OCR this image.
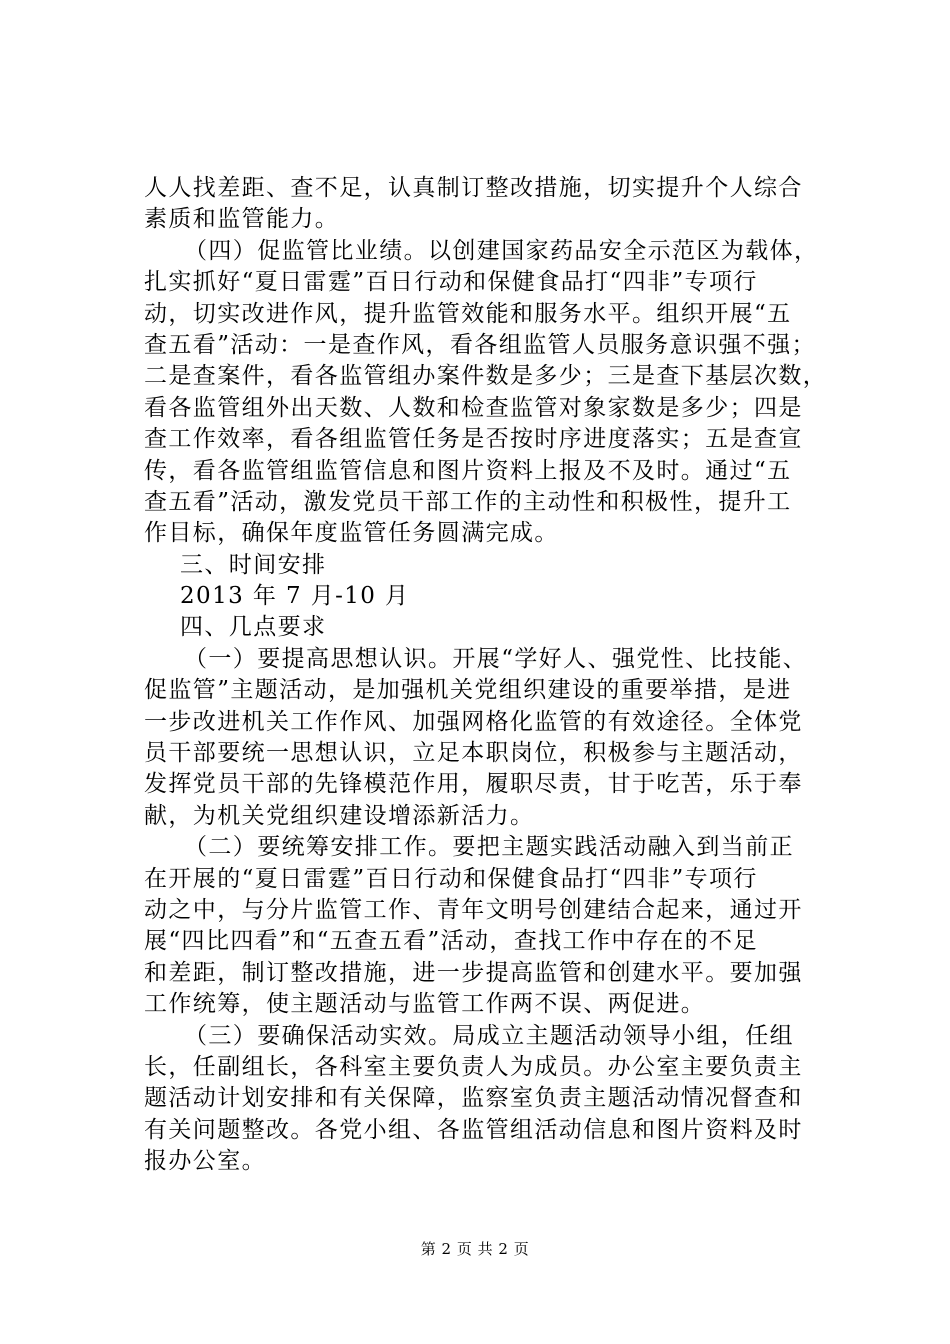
人人找差距、查不足，认真制订整改措施，切实提升个人综合
素质和监管能力。
（四）促监管比业绩。以创建国家药品安全示范区为载体，
扎实抓好“夏日雷霆”百日行动和保健食品打“四非”专项行
动，切实改进作风，提升监管效能和服务水平。组织开展“五
查五看”活动：一是查作风，看各组监管人员服务意识强不强；
二是查案件，看各监管组办案件数是多少；三是查下基层次数，
看各监管组外出天数、人数和检查监管对象家数是多少；四是
查工作效率，看各组监管任务是否按时序进度落实；五是查宣
传，看各监管组监管信息和图片资料上报及不及时。通过“五
查五看”活动，激发党员干部工作的主动性和积极性，提升工
作目标，确保年度监管任务圆满完成。
三、时间安排
2013 年 7 月-10 月
四、几点要求
（一）要提高思想认识。开展“学好人、强党性、比技能、
促监管”主题活动，是加强机关党组织建设的重要举措，是进
一步改进机关工作作风、加强网格化监管的有效途径。全体党
员干部要统一思想认识，立足本职岗位，积极参与主题活动，
发挥党员干部的先锋模范作用，履职尽责，甘于吃苦，乐于奉
献，为机关党组织建设增添新活力。
（二）要统筹安排工作。要把主题实践活动融入到当前正
在开展的“夏日雷霆”百日行动和保健食品打“四非”专项行
动之中，与分片监管工作、青年文明号创建结合起来，通过开
展“四比四看”和“五查五看”活动，查找工作中存在的不足
和差距，制订整改措施，进一步提高监管和创建水平。要加强
工作统筹，使主题活动与监管工作两不误、两促进。
（三）要确保活动实效。局成立主题活动领导小组，任组
长，任副组长，各科室主要负责人为成员。办公室主要负责主
题活动计划安排和有关保障，监察室负责主题活动情况督查和
有关问题整改。各党小组、各监管组活动信息和图片资料及时
报办公室。
第 2 页 共 2 页
